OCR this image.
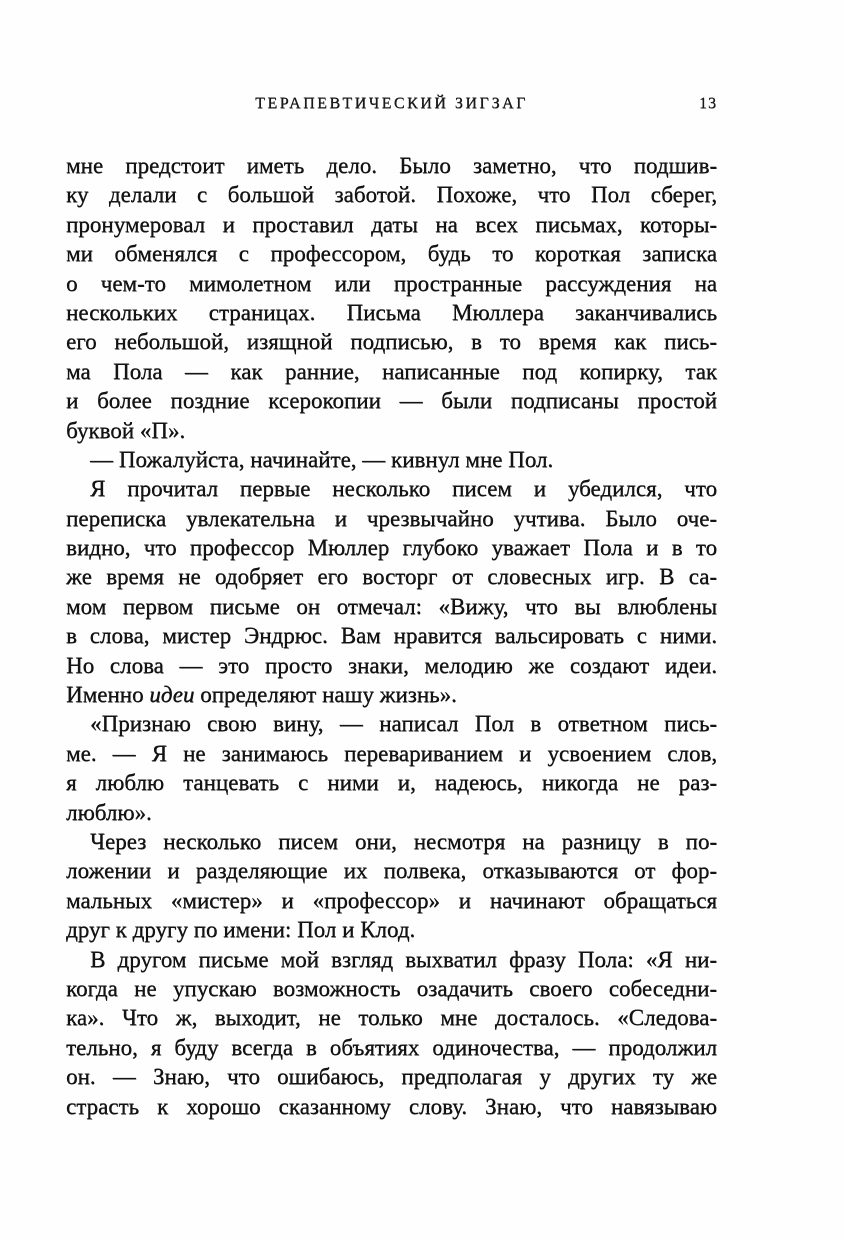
ТЕРАПЕВТИЧЕСКИЙ ЗИГЗАГ	13
мне предстоит иметь дело. Было заметно, что подшив-
ку делали с большой заботой. Похоже, что Пол сберег,
пронумеровал и проставил даты на всех письмах, которы-
ми обменялся с профессором, будь то короткая записка
о чем-то мимолетном или пространные рассуждения на
нескольких страницах. Письма Мюллера заканчивались
его небольшой, изящной подписью, в то время как пись-
ма Пола — как ранние, написанные под копирку, так
и более поздние ксерокопии — были подписаны простой
буквой «П».
— Пожалуйста, начинайте, — кивнул мне Пол.
Я прочитал первые несколько писем и убедился, что
переписка увлекательна и чрезвычайно учтива. Было оче-
видно, что профессор Мюллер глубоко уважает Пола и в то
же время не одобряет его восторг от словесных игр. В са-
мом первом письме он отмечал: «Вижу, что вы влюблены
в слова, мистер Эндрюс. Вам нравится вальсировать с ними.
Но слова — это просто знаки, мелодию же создают идеи.
Именно идеи определяют нашу жизнь».
«Признаю свою вину, — написал Пол в ответном пись-
ме. — Я не занимаюсь перевариванием и усвоением слов,
я люблю танцевать с ними и, надеюсь, никогда не раз-
люблю».
Через несколько писем они, несмотря на разницу в по-
ложении и разделяющие их полвека, отказываются от фор-
мальных «мистер» и «профессор» и начинают обращаться
друг к другу по имени: Пол и Клод.
В другом письме мой взгляд выхватил фразу Пола: «Я ни-
когда не упускаю возможность озадачить своего собеседни-
ка». Что ж, выходит, не только мне досталось. «Следова-
тельно, я буду всегда в объятиях одиночества, — продолжил
он. — Знаю, что ошибаюсь, предполагая у других ту же
страсть к хорошо сказанному слову. Знаю, что навязываю
